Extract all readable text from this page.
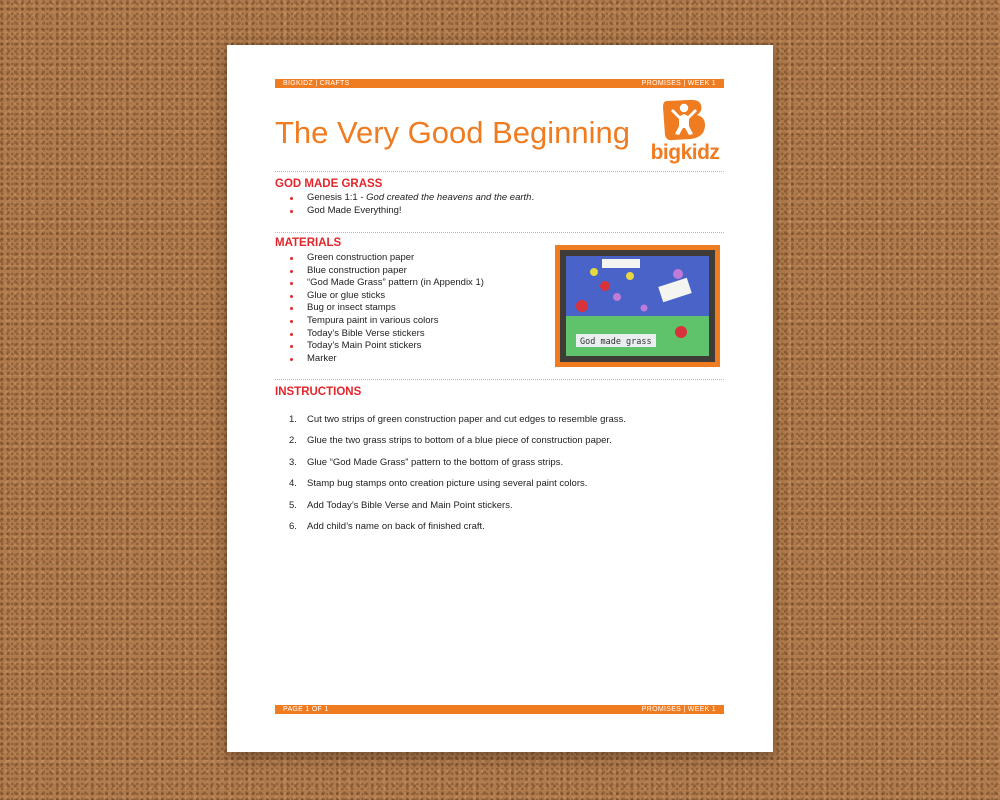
BIGKIDZ | CRAFTS	PROMISES | WEEK 1
The Very Good Beginning
bigkidz
GOD MADE GRASS
Genesis 1:1 - God created the heavens and the earth.
God Made Everything!
MATERIALS
Green construction paper
Blue construction paper
“God Made Grass” pattern (in Appendix 1)
Glue or glue sticks
Bug or insect stamps
Tempura paint in various colors
Today’s Bible Verse stickers
Today’s Main Point stickers
Marker
God made grass
INSTRUCTIONS
1. Cut two strips of green construction paper and cut edges to resemble grass.
2. Glue the two grass strips to bottom of a blue piece of construction paper.
3. Glue “God Made Grass” pattern to the bottom of grass strips.
4. Stamp bug stamps onto creation picture using several paint colors.
5. Add Today’s Bible Verse and Main Point stickers.
6. Add child’s name on back of finished craft.
PAGE 1 OF 1	PROMISES | WEEK 1
